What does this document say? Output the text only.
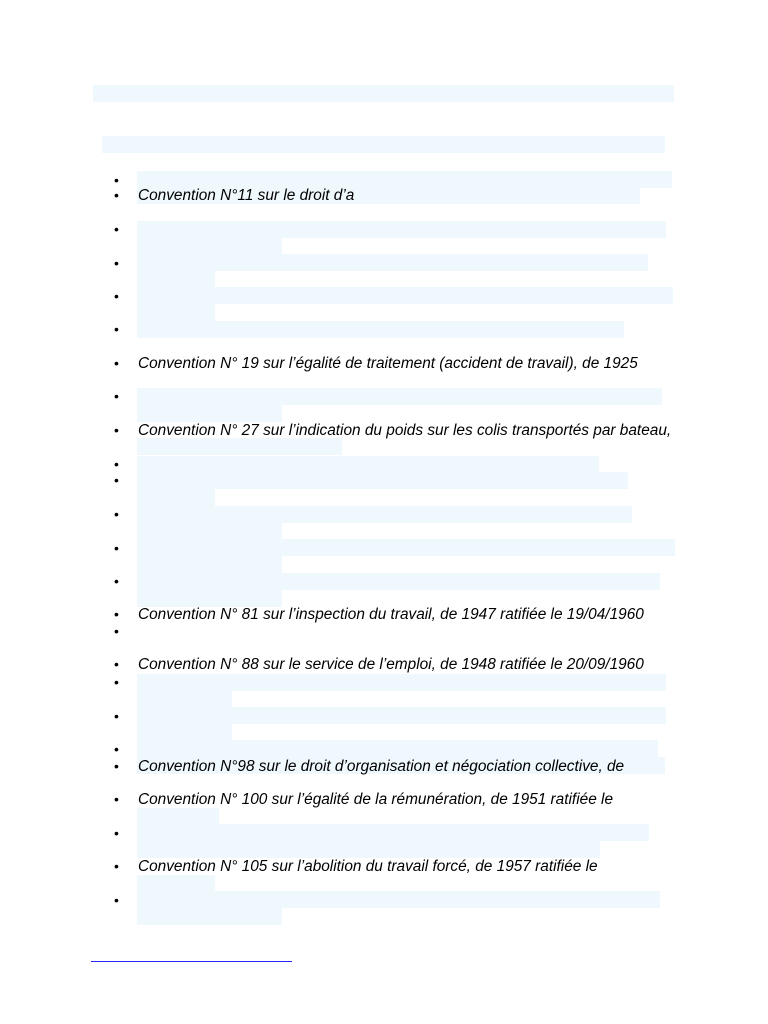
•
• Convention N°11 sur le droit d’a
•
•
•
•
• Convention N° 19 sur l’égalité de traitement (accident de travail), de 1925
•
• Convention N° 27 sur l’indication du poids sur les colis transportés par bateau,
•
•
•
•
•
• Convention N° 81 sur l’inspection du travail, de 1947 ratifiée le 19/04/1960
•
• Convention N° 88 sur le service de l’emploi, de 1948 ratifiée le 20/09/1960
•
•
•
• Convention N°98 sur le droit d’organisation et négociation collective, de
• Convention N° 100 sur l’égalité de la rémunération, de 1951 ratifiée le
•
• Convention N° 105 sur l’abolition du travail forcé, de 1957 ratifiée le
•
